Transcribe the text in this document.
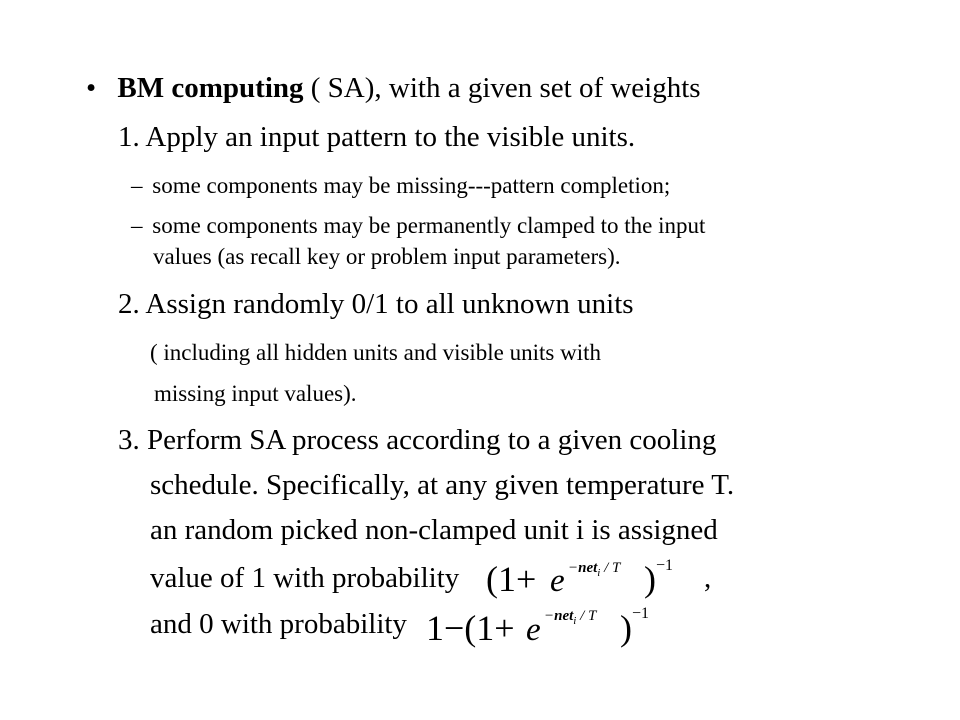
• BM computing ( SA), with a given set of weights
1. Apply an input pattern to the visible units.
– some components may be missing---pattern completion;
– some components may be permanently clamped to the input
values (as recall key or problem input parameters).
2. Assign randomly 0/1 to all unknown units
( including all hidden units and visible units with
missing input values).
3. Perform SA process according to a given cooling
schedule. Specifically, at any given temperature T.
an random picked non-clamped unit i is assigned
value of 1 with probability	,
and 0 with probability
(1+ e −net$_i$ / T ) −1
1−(1+ e −net$_i$ / T ) −1
